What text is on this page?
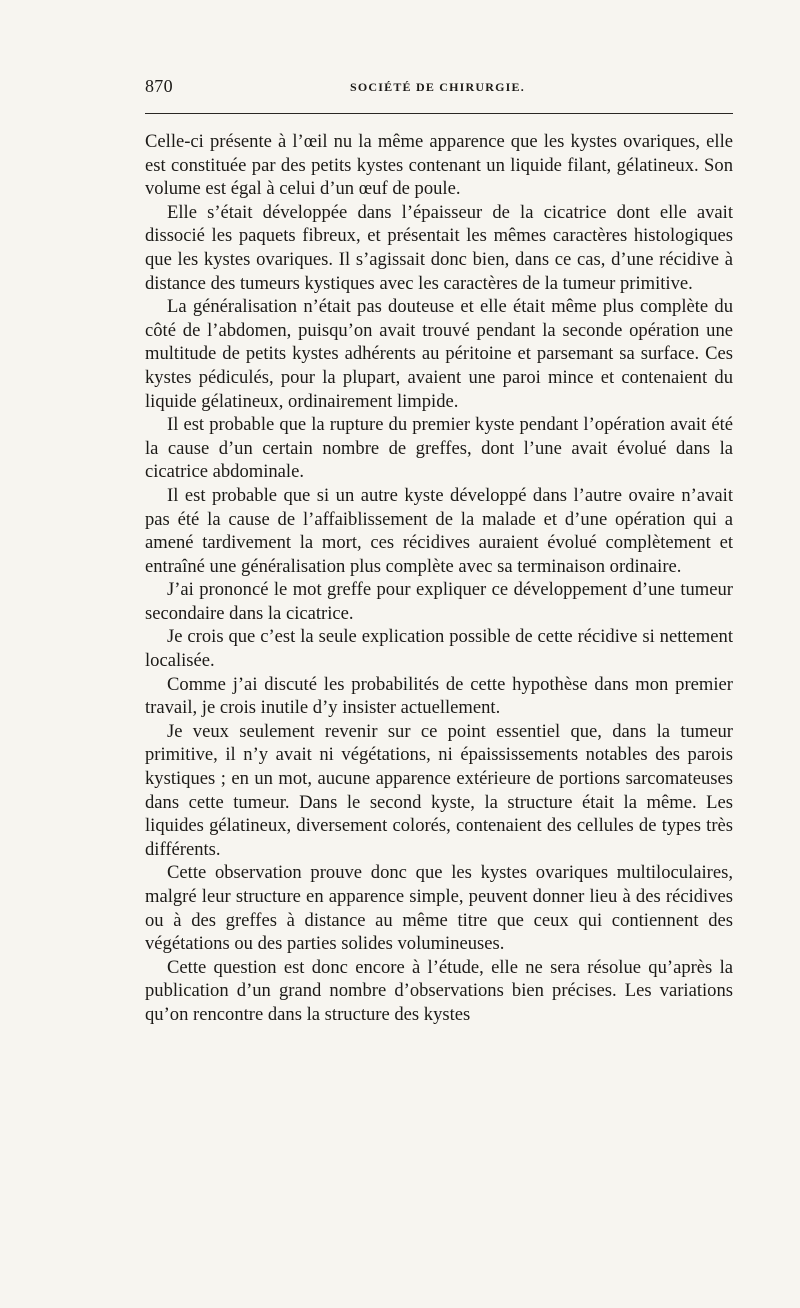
870	SOCIÉTÉ DE CHIRURGIE.

Celle-ci présente à l’œil nu la même apparence que les kystes ovariques, elle est constituée par des petits kystes contenant un liquide filant, gélatineux. Son volume est égal à celui d’un œuf de poule.

Elle s’était développée dans l’épaisseur de la cicatrice dont elle avait dissocié les paquets fibreux, et présentait les mêmes caractères histologiques que les kystes ovariques. Il s’agissait donc bien, dans ce cas, d’une récidive à distance des tumeurs kystiques avec les caractères de la tumeur primitive.

La généralisation n’était pas douteuse et elle était même plus complète du côté de l’abdomen, puisqu’on avait trouvé pendant la seconde opération une multitude de petits kystes adhérents au péritoine et parsemant sa surface. Ces kystes pédiculés, pour la plupart, avaient une paroi mince et contenaient du liquide gélatineux, ordinairement limpide.

Il est probable que la rupture du premier kyste pendant l’opération avait été la cause d’un certain nombre de greffes, dont l’une avait évolué dans la cicatrice abdominale.

Il est probable que si un autre kyste développé dans l’autre ovaire n’avait pas été la cause de l’affaiblissement de la malade et d’une opération qui a amené tardivement la mort, ces récidives auraient évolué complètement et entraîné une généralisation plus complète avec sa terminaison ordinaire.

J’ai prononcé le mot greffe pour expliquer ce développement d’une tumeur secondaire dans la cicatrice.

Je crois que c’est la seule explication possible de cette récidive si nettement localisée.

Comme j’ai discuté les probabilités de cette hypothèse dans mon premier travail, je crois inutile d’y insister actuellement.

Je veux seulement revenir sur ce point essentiel que, dans la tumeur primitive, il n’y avait ni végétations, ni épaississements notables des parois kystiques ; en un mot, aucune apparence extérieure de portions sarcomateuses dans cette tumeur. Dans le second kyste, la structure était la même. Les liquides gélatineux, diversement colorés, contenaient des cellules de types très différents.

Cette observation prouve donc que les kystes ovariques multiloculaires, malgré leur structure en apparence simple, peuvent donner lieu à des récidives ou à des greffes à distance au même titre que ceux qui contiennent des végétations ou des parties solides volumineuses.

Cette question est donc encore à l’étude, elle ne sera résolue qu’après la publication d’un grand nombre d’observations bien précises. Les variations qu’on rencontre dans la structure des kystes
